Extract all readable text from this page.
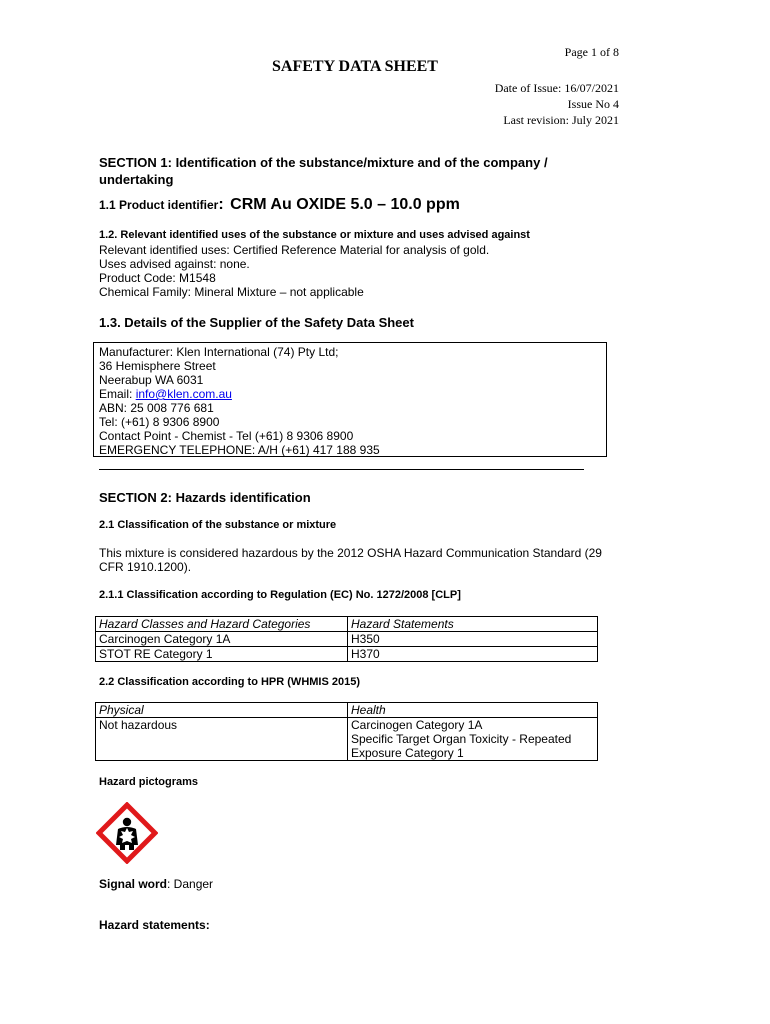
Page 1 of 8
SAFETY DATA SHEET
Date of Issue: 16/07/2021
Issue No 4
Last revision: July 2021
SECTION 1: Identification of the substance/mixture and of the company /
undertaking
1.1 Product identifier: CRM Au OXIDE 5.0 – 10.0 ppm
1.2. Relevant identified uses of the substance or mixture and uses advised against
Relevant identified uses: Certified Reference Material for analysis of gold.
Uses advised against: none.
Product Code: M1548
Chemical Family: Mineral Mixture – not applicable
1.3. Details of the Supplier of the Safety Data Sheet
Manufacturer: Klen International (74) Pty Ltd;
36 Hemisphere Street
Neerabup WA 6031
Email: info@klen.com.au
ABN: 25 008 776 681
Tel: (+61) 8 9306 8900
Contact Point - Chemist - Tel (+61) 8 9306 8900
EMERGENCY TELEPHONE: A/H (+61) 417 188 935
SECTION 2: Hazards identification
2.1 Classification of the substance or mixture
This mixture is considered hazardous by the 2012 OSHA Hazard Communication Standard (29
CFR 1910.1200).
2.1.1 Classification according to Regulation (EC) No. 1272/2008 [CLP]
Hazard Classes and Hazard Categories	Hazard Statements
Carcinogen Category 1A	H350
STOT RE Category 1	H370
2.2 Classification according to HPR (WHMIS 2015)
Physical	Health
Not hazardous	Carcinogen Category 1A
Specific Target Organ Toxicity - Repeated
Exposure Category 1
Hazard pictograms
Signal word: Danger
Hazard statements:
